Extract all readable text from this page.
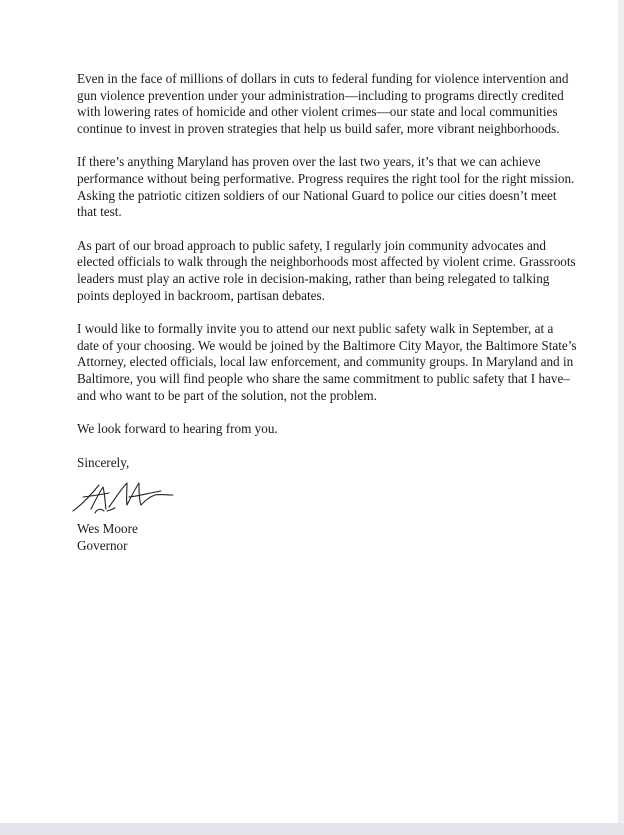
Even in the face of millions of dollars in cuts to federal funding for violence intervention and gun violence prevention under your administration—including to programs directly credited with lowering rates of homicide and other violent crimes—our state and local communities continue to invest in proven strategies that help us build safer, more vibrant neighborhoods.

If there’s anything Maryland has proven over the last two years, it’s that we can achieve performance without being performative. Progress requires the right tool for the right mission. Asking the patriotic citizen soldiers of our National Guard to police our cities doesn’t meet that test.

As part of our broad approach to public safety, I regularly join community advocates and elected officials to walk through the neighborhoods most affected by violent crime. Grassroots leaders must play an active role in decision-making, rather than being relegated to talking points deployed in backroom, partisan debates.

I would like to formally invite you to attend our next public safety walk in September, at a date of your choosing. We would be joined by the Baltimore City Mayor, the Baltimore State’s Attorney, elected officials, local law enforcement, and community groups. In Maryland and in Baltimore, you will find people who share the same commitment to public safety that I have–and who want to be part of the solution, not the problem.

We look forward to hearing from you.

Sincerely,

Wes Moore

Governor
